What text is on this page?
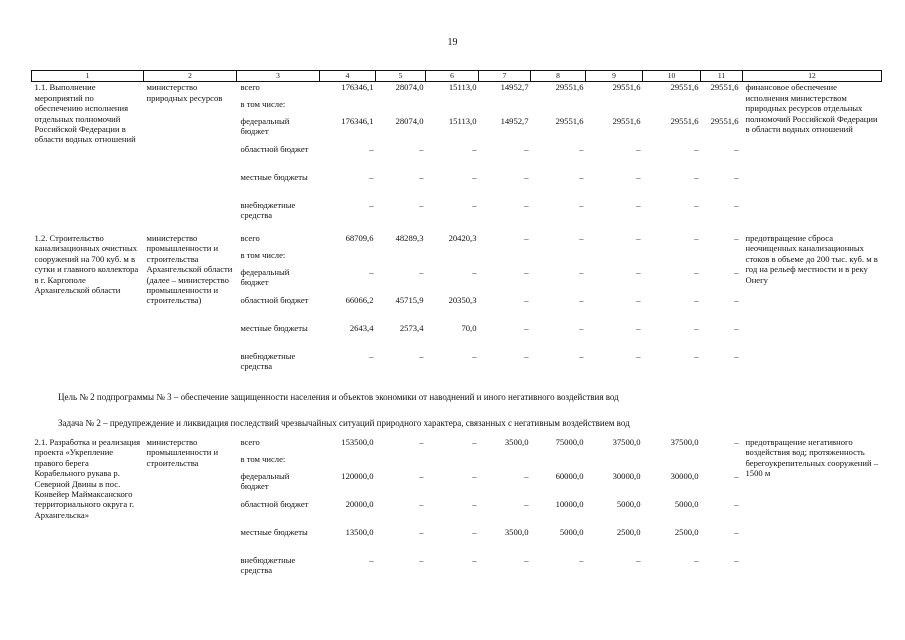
19
1	2	3	4	5	6	7	8	9	10	11	12
1.1. Выполнение мероприятий по обеспечению исполнения отдельных полномочий Российской Федерации в области водных отношений	министерство природных ресурсов	всего	176346,1	28074,0	15113,0	14952,7	29551,6	29551,6	29551,6	29551,6	финансовое обеспечение исполнения министерством природных ресурсов отдельных полномочий Российской Федерации в области водных отношений
		в том числе:									
		федеральный бюджет	176346,1	28074,0	15113,0	14952,7	29551,6	29551,6	29551,6	29551,6	
		областной бюджет	–	–	–	–	–	–	–	–	
		местные бюджеты	–	–	–	–	–	–	–	–	
		внебюджетные средства	–	–	–	–	–	–	–	–	

1.2. Строительство канализационных очистных сооружений на 700 куб. м в сутки и главного коллектора в г. Каргополе Архангельской области	министерство промышленности и строительства Архангельской области (далее – министерство промышленности и строительства)	всего	68709,6	48289,3	20420,3	–	–	–	–	–	предотвращение сброса неочищенных канализационных стоков в объеме до 200 тыс. куб. м в год на рельеф местности и в реку Онегу
		в том числе:									
		федеральный бюджет	–	–	–	–	–	–	–	–	
		областной бюджет	66066,2	45715,9	20350,3	–	–	–	–	–	
		местные бюджеты	2643,4	2573,4	70,0	–	–	–	–	–	
		внебюджетные средства	–	–	–	–	–	–	–	–	

2.1. Разработка и реализация проекта «Укрепление правого берега Корабельного рукава р. Северной Двины в пос. Конвейер Маймаксанского территориального округа г. Архангельска»	министерство промышленности и строительства	всего	153500,0	–	–	3500,0	75000,0	37500,0	37500,0	–	предотвращение негативного воздействия вод; протяженность берегоукрепительных сооружений – 1500 м
		в том числе:									
		федеральный бюджет	120000,0	–	–	–	60000,0	30000,0	30000,0	–	
		областной бюджет	20000,0	–	–	–	10000,0	5000,0	5000,0	–	
		местные бюджеты	13500,0	–	–	3500,0	5000,0	2500,0	2500,0	–	
		внебюджетные средства	–	–	–	–	–	–	–	–	
Цель № 2 подпрограммы № 3 – обеспечение защищенности населения и объектов экономики от наводнений и иного негативного воздействия вод
Задача № 2 – предупреждение и ликвидация последствий чрезвычайных ситуаций природного характера, связанных с негативным воздействием вод
